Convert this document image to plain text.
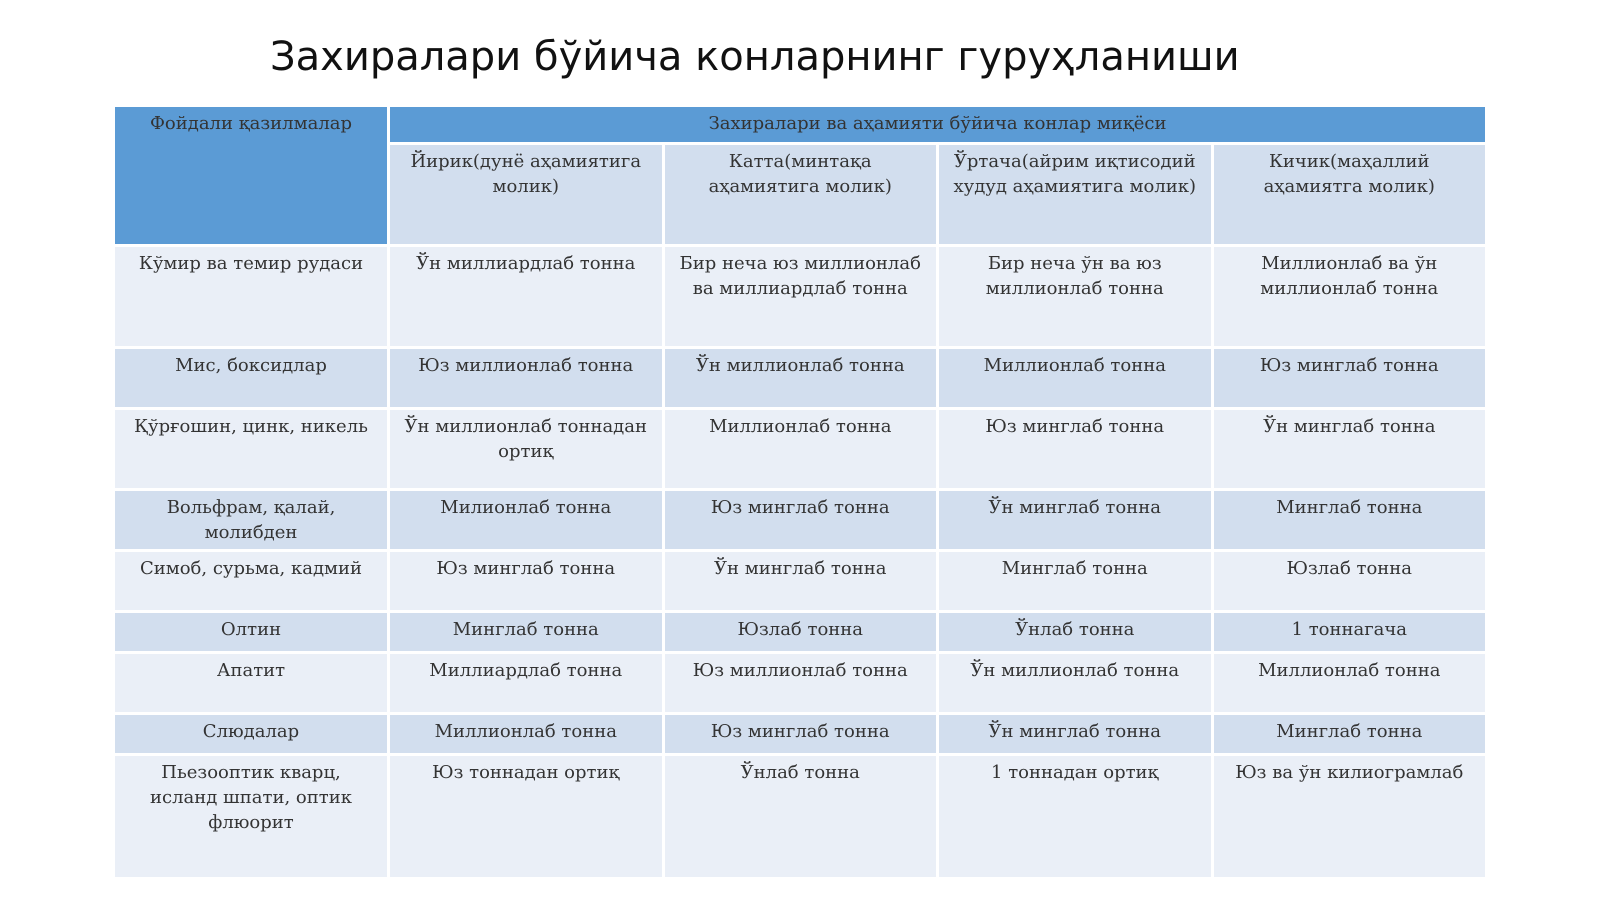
Захиралари бўйича конларнинг гуруҳланиши
Фойдали қазилмалар	Захиралари ва аҳамияти бўйича конлар миқёси			
	Йирик(дунё аҳамиятига молик)	Катта(минтақа аҳамиятига молик)	Ўртача(айрим иқтисодий худуд аҳамиятига молик)	Кичик(маҳаллий аҳамиятга молик)
Кўмир ва темир рудаси	Ўн миллиардлаб тонна	Бир неча юз миллионлаб ва миллиардлаб тонна	Бир неча ўн ва юз миллионлаб тонна	Миллионлаб ва ўн миллионлаб тонна
Мис, боксидлар	Юз миллионлаб тонна	Ўн миллионлаб тонна	Миллионлаб тонна	Юз минглаб тонна
Қўрғошин, цинк, никель	Ўн миллионлаб тоннадан ортиқ	Миллионлаб тонна	Юз минглаб тонна	Ўн минглаб тонна
Вольфрам, қалай, молибден	Милионлаб тонна	Юз минглаб тонна	Ўн минглаб тонна	Минглаб тонна
Симоб, сурьма, кадмий	Юз минглаб тонна	Ўн минглаб тонна	Минглаб тонна	Юзлаб тонна
Олтин	Минглаб тонна	Юзлаб тонна	Ўнлаб тонна	1 тоннагача
Апатит	Миллиардлаб тонна	Юз миллионлаб тонна	Ўн миллионлаб тонна	Миллионлаб тонна
Слюдалар	Миллионлаб тонна	Юз минглаб тонна	Ўн минглаб тонна	Минглаб тонна
Пьезооптик кварц, исланд шпати, оптик флюорит	Юз тоннадан ортиқ	Ўнлаб тонна	1 тоннадан ортиқ	Юз ва ўн килиограмлаб
